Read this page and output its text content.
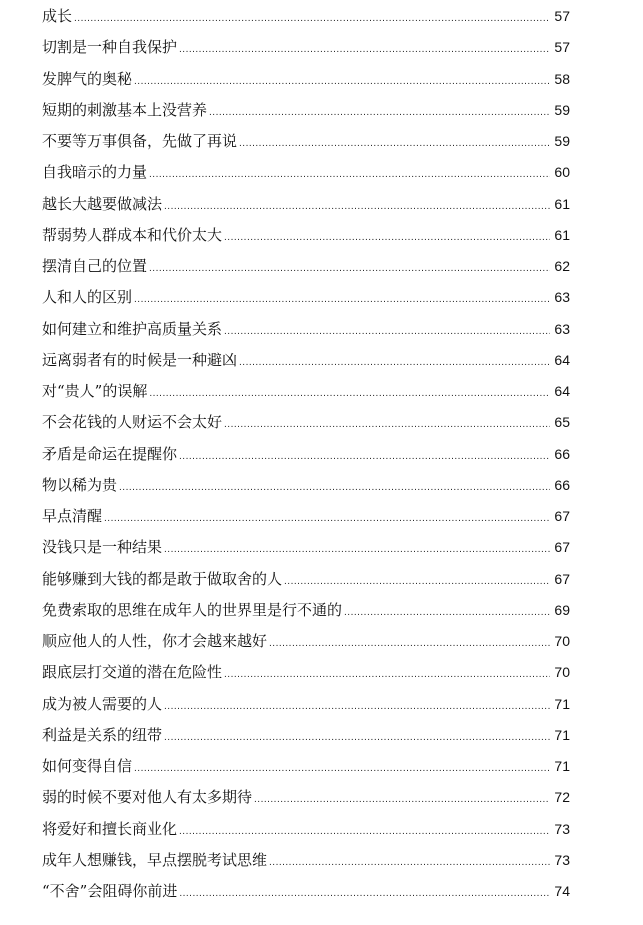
成长 .....	57
切割是一种自我保护 .....	57
发脾气的奥秘 .....	58
短期的刺激基本上没营养 .....	59
不要等万事俱备，先做了再说 .....	59
自我暗示的力量 .....	60
越长大越要做减法 .....	61
帮弱势人群成本和代价太大 .....	61
摆清自己的位置 .....	62
人和人的区别 .....	63
如何建立和维护高质量关系 .....	63
远离弱者有的时候是一种避凶 .....	64
对“贵人”的误解 .....	64
不会花钱的人财运不会太好 .....	65
矛盾是命运在提醒你 .....	66
物以稀为贵 .....	66
早点清醒 .....	67
没钱只是一种结果 .....	67
能够赚到大钱的都是敢于做取舍的人 .....	67
免费索取的思维在成年人的世界里是行不通的 .....	69
顺应他人的人性，你才会越来越好 .....	70
跟底层打交道的潜在危险性 .....	70
成为被人需要的人 .....	71
利益是关系的纽带 .....	71
如何变得自信 .....	71
弱的时候不要对他人有太多期待 .....	72
将爱好和擅长商业化 .....	73
成年人想赚钱，早点摆脱考试思维 .....	73
“不舍”会阻碍你前进 .....	74
